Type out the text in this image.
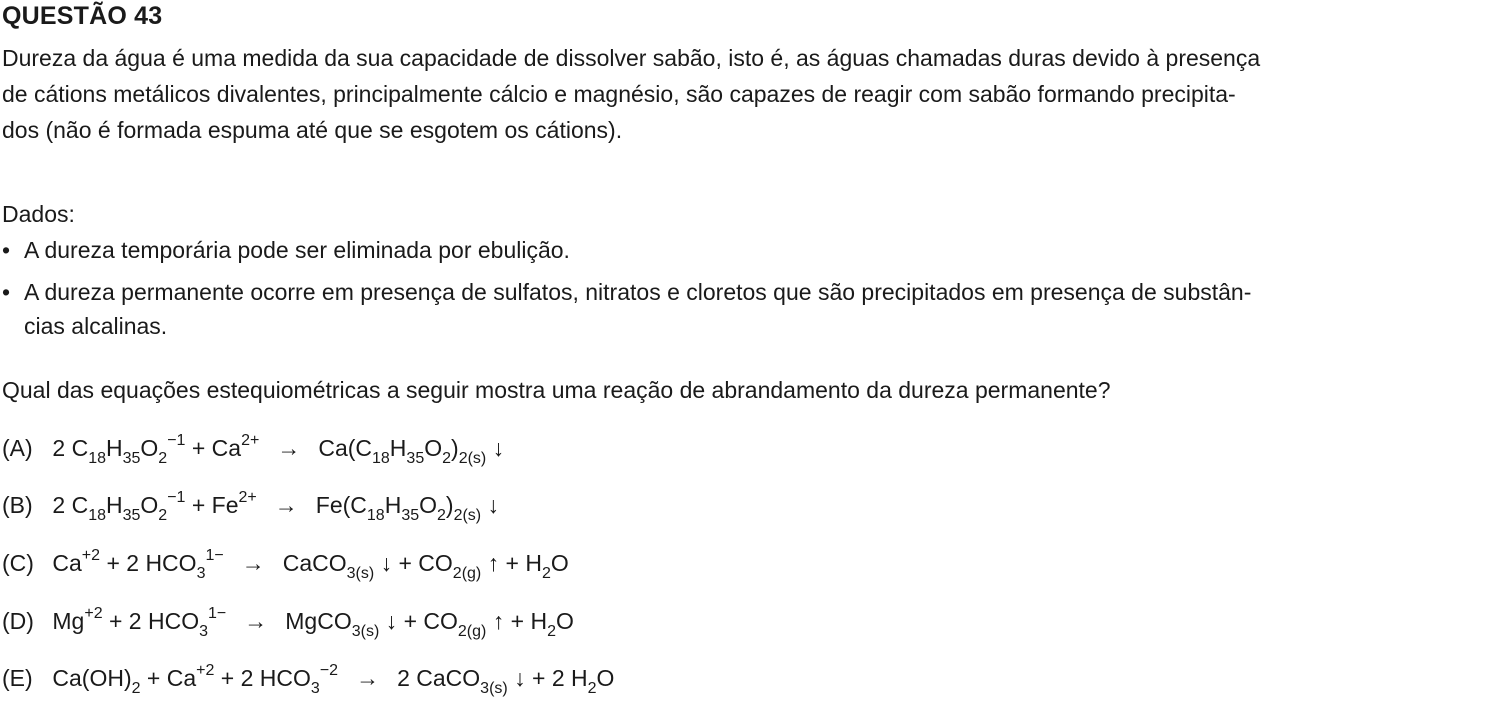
QUESTÃO 43
Dureza da água é uma medida da sua capacidade de dissolver sabão, isto é, as águas chamadas duras devido à presença
de cátions metálicos divalentes, principalmente cálcio e magnésio, são capazes de reagir com sabão formando precipita-
dos (não é formada espuma até que se esgotem os cátions).
Dados:
• A dureza temporária pode ser eliminada por ebulição.
• A dureza permanente ocorre em presença de sulfatos, nitratos e cloretos que são precipitados em presença de substân-
cias alcalinas.
Qual das equações estequiométricas a seguir mostra uma reação de abrandamento da dureza permanente?
(A) 2 $C_{18}H_{35}O_2^{-1} + Ca^{2+} \to Ca(C_{18}H_{35}O_2)_{2(s)}$ ↓
(B) 2 $C_{18}H_{35}O_2^{-1} + Fe^{2+} \to Fe(C_{18}H_{35}O_2)_{2(s)}$ ↓
(C) $Ca^{+2} + 2$ $HCO_3^{1-}$ → CaCO$_{3(s)}$ ↓ + $CO_{2(g)}$ ↑ + $H_2O$
(D) $Mg^{+2} + 2$ $HCO_3^{1-}$ → MgCO$_{3(s)}$ ↓ + $CO_{2(g)}$ ↑ + $H_2O$
(E) $Ca(OH)_2 + Ca^{+2} + 2$ $HCO_3^{-2} \to 2$ CaCO$_{3(s)}$ ↓ + 2 $H_2O$
